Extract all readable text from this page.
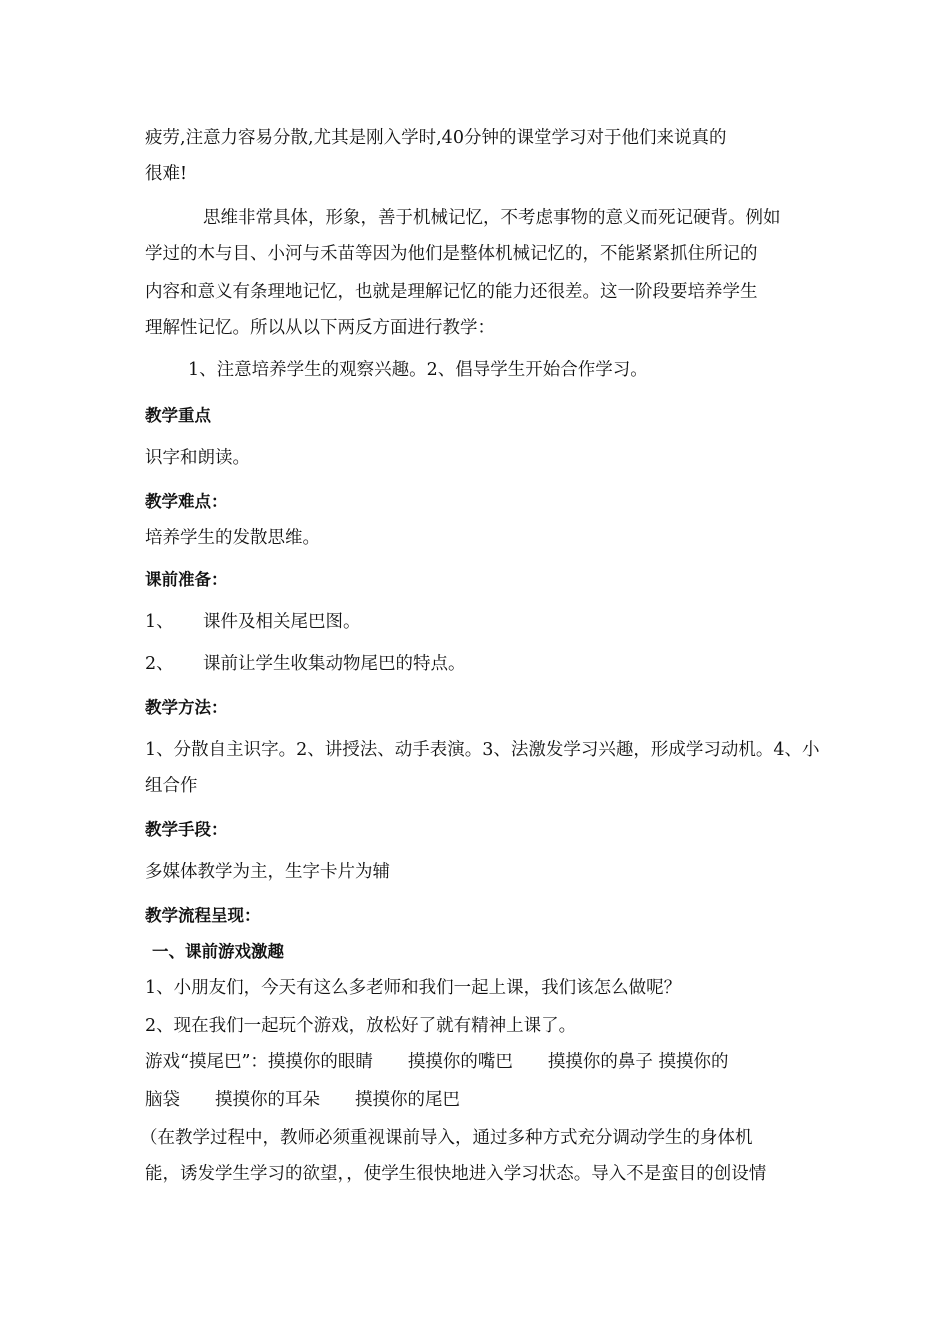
疲劳,注意力容易分散,尤其是刚入学时,40分钟的课堂学习对于他们来说真的
很难!
思维非常具体，形象，善于机械记忆，不考虑事物的意义而死记硬背。例如
学过的木与目、小河与禾苗等因为他们是整体机械记忆的，不能紧紧抓住所记的
内容和意义有条理地记忆，也就是理解记忆的能力还很差。这一阶段要培养学生
理解性记忆。所以从以下两反方面进行教学：
1、注意培养学生的观察兴趣。2、倡导学生开始合作学习。
教学重点
识字和朗读。
教学难点：
培养学生的发散思维。
课前准备：
1、 课件及相关尾巴图。
2、 课前让学生收集动物尾巴的特点。
教学方法：
1、分散自主识字。2、讲授法、动手表演。3、法激发学习兴趣，形成学习动机。4、小
组合作
教学手段：
多媒体教学为主，生字卡片为辅
教学流程呈现：
一、课前游戏激趣
1、小朋友们，今天有这么多老师和我们一起上课，我们该怎么做呢？
2、现在我们一起玩个游戏，放松好了就有精神上课了。
游戏“摸尾巴”：摸摸你的眼睛　　摸摸你的嘴巴　　摸摸你的鼻子 摸摸你的
脑袋　　摸摸你的耳朵　　摸摸你的尾巴
（在教学过程中，教师必须重视课前导入，通过多种方式充分调动学生的身体机
能，诱发学生学习的欲望，，使学生很快地进入学习状态。导入不是蛮目的创设情
